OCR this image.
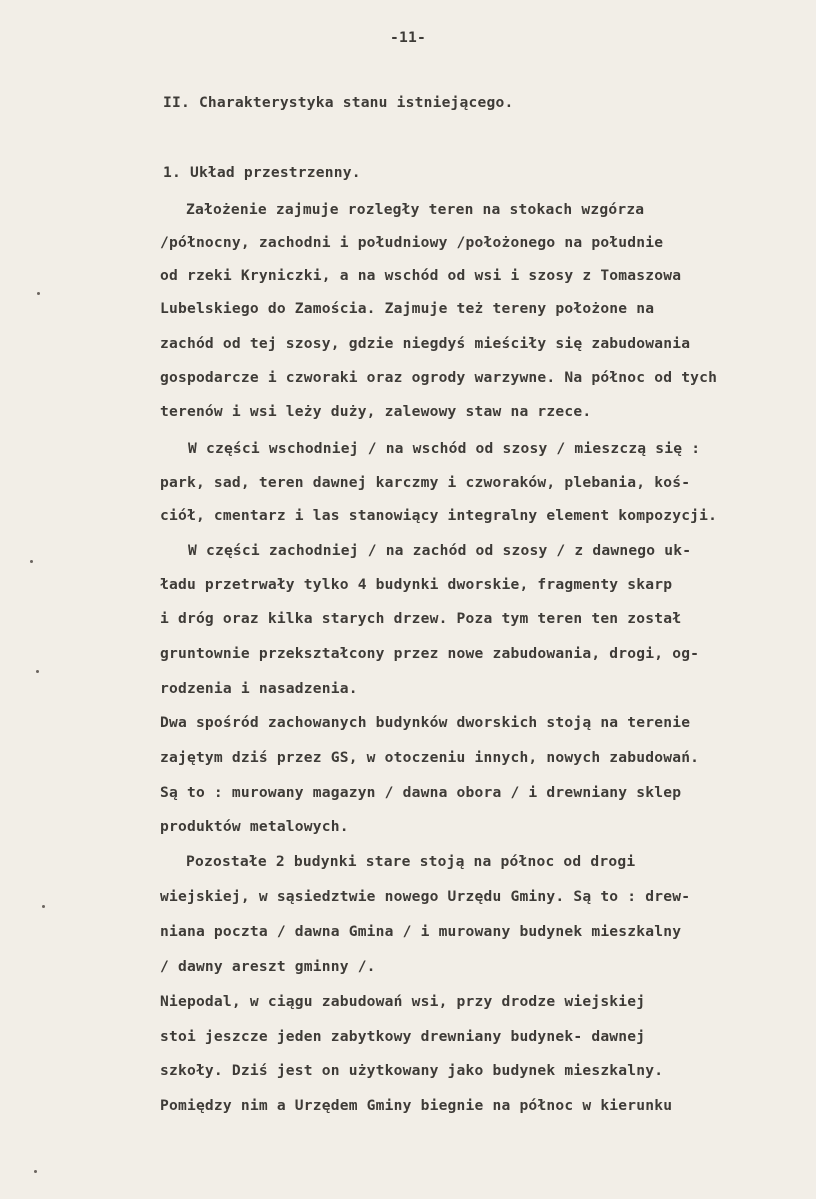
-11-
II. Charakterystyka stanu istniejącego.
1. Układ przestrzenny.
Założenie zajmuje rozległy teren na stokach wzgórza
/północny, zachodni i południowy /położonego na południe
od rzeki Kryniczki, a na wschód od wsi i szosy z Tomaszowa
Lubelskiego do Zamościa. Zajmuje też tereny położone na
zachód od tej szosy, gdzie niegdyś mieściły się zabudowania
gospodarcze i czworaki oraz ogrody warzywne. Na północ od tych
terenów i wsi leży duży, zalewowy staw na rzece.
W części wschodniej / na wschód od szosy / mieszczą się :
park, sad, teren dawnej karczmy i czworaków, plebania, koś-
ciół, cmentarz i las stanowiący integralny element kompozycji.
W części zachodniej / na zachód od szosy / z dawnego uk-
ładu przetrwały tylko 4 budynki dworskie, fragmenty skarp
i dróg oraz kilka starych drzew. Poza tym teren ten został
gruntownie przekształcony przez nowe zabudowania, drogi, og-
rodzenia i nasadzenia.
Dwa spośród zachowanych budynków dworskich stoją na terenie
zajętym dziś przez GS, w otoczeniu innych, nowych zabudowań.
Są to : murowany magazyn / dawna obora / i drewniany sklep
produktów metalowych.
Pozostałe 2 budynki stare stoją na północ od drogi
wiejskiej, w sąsiedztwie nowego Urzędu Gminy. Są to : drew-
niana poczta / dawna Gmina / i murowany budynek mieszkalny
/ dawny areszt gminny /.
Niepodal, w ciągu zabudowań wsi, przy drodze wiejskiej
stoi jeszcze jeden zabytkowy drewniany budynek- dawnej
szkoły. Dziś jest on użytkowany jako budynek mieszkalny.
Pomiędzy nim a Urzędem Gminy biegnie na północ w kierunku
